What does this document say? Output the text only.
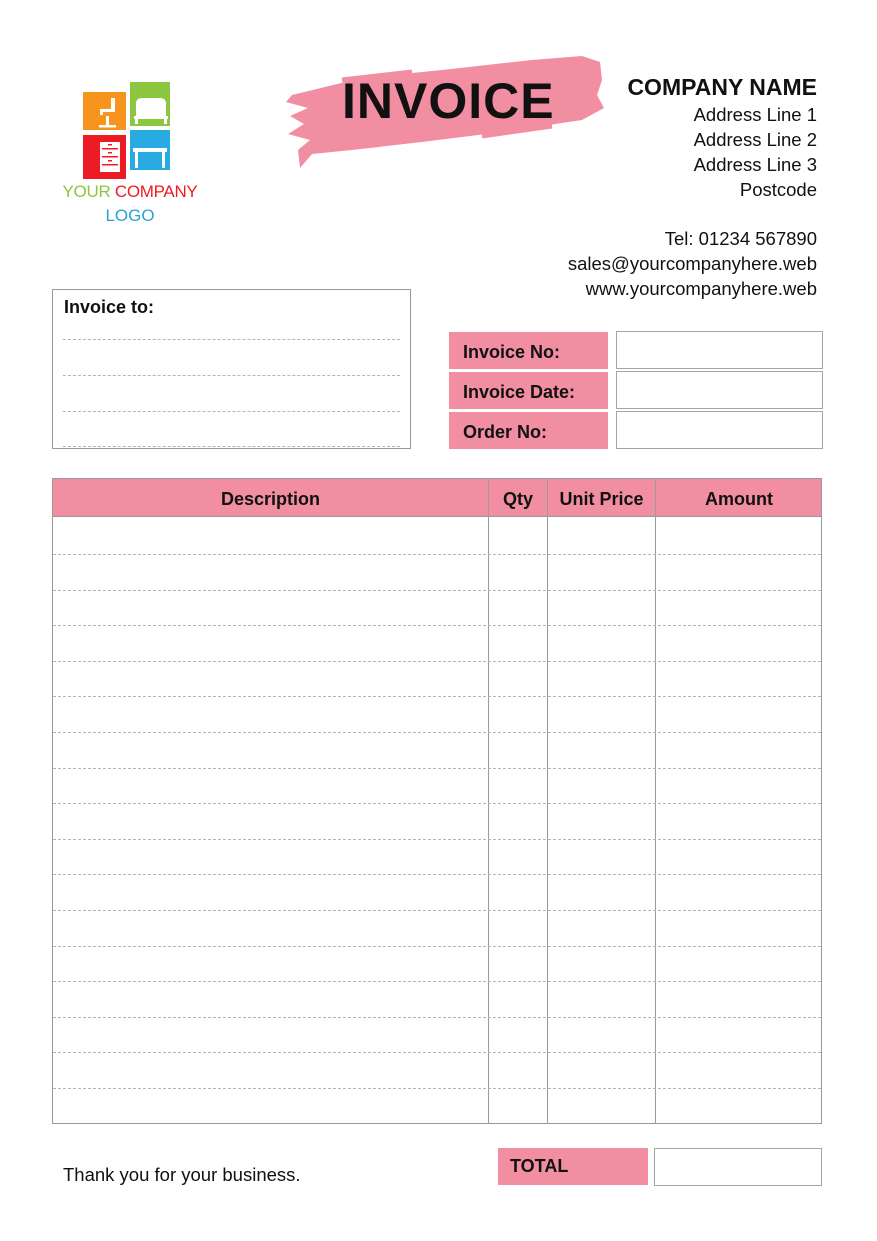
YOUR COMPANY
LOGO
INVOICE	COMPANY NAME
Address Line 1
Address Line 2
Address Line 3
Postcode
Tel: 01234 567890
sales@yourcompanyhere.web
www.yourcompanyhere.web
Invoice to:
Invoice No:
Invoice Date:
Order No:
Description	Qty	Unit Price	Amount
Thank you for your business.	TOTAL
